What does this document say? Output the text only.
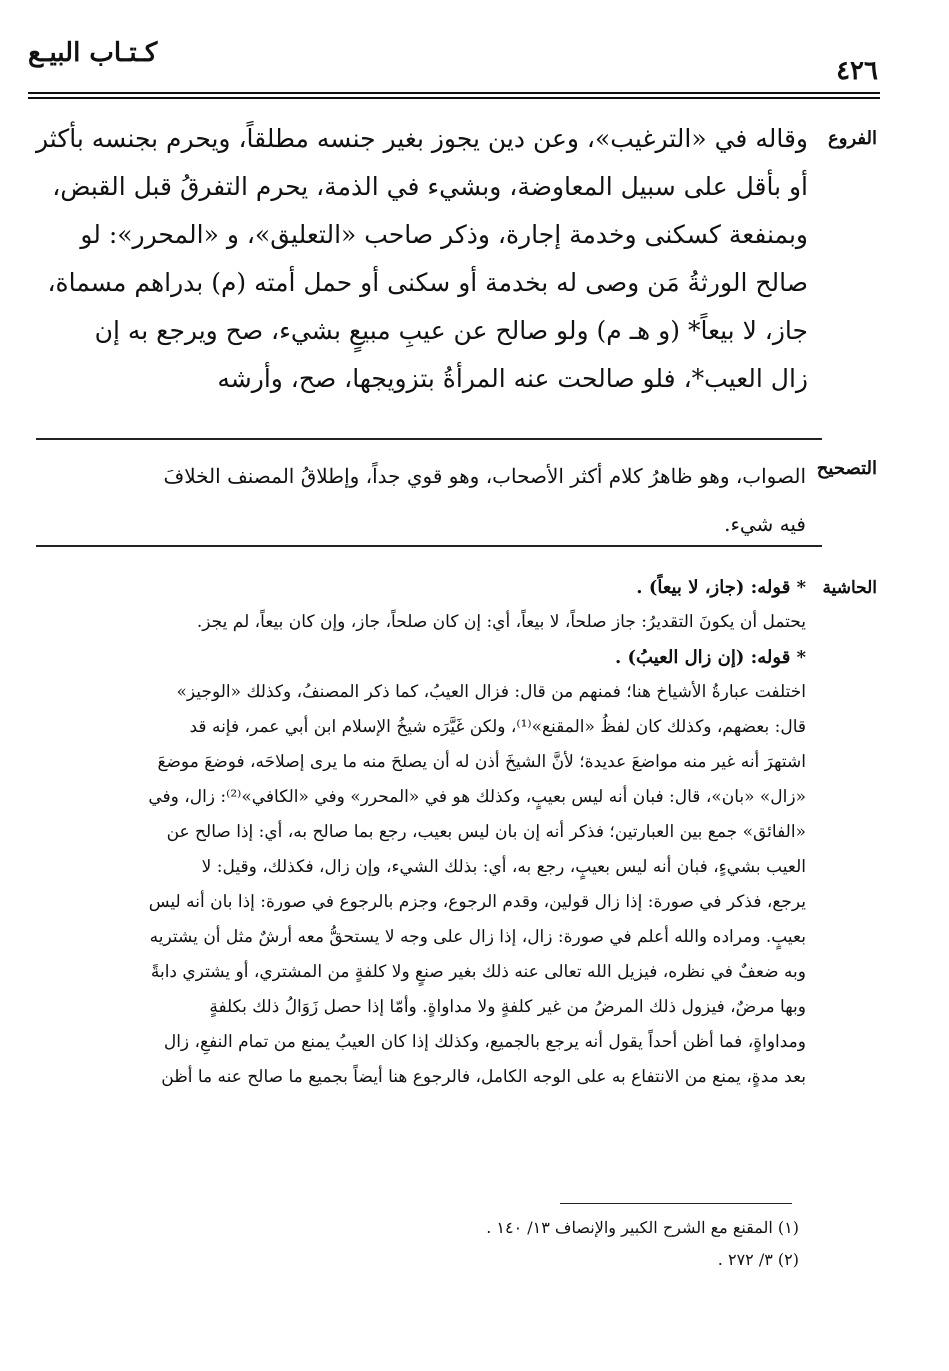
كـتـاب البيـع
٤٢٦
الفروع
وقاله في «الترغيب»، وعن دين يجوز بغير جنسه مطلقاً، ويحرم بجنسه بأكثر
أو بأقل على سبيل المعاوضة، وبشيء في الذمة، يحرم التفرقُ قبل القبض،
وبمنفعة كسكنى وخدمة إجارة، وذكر صاحب «التعليق»، و «المحرر»: لو
صالح الورثةُ مَن وصى له بخدمة أو سكنى أو حمل أمته (م) بدراهم مسماة،
جاز، لا بيعاً* (و هـ م) ولو صالح عن عيبِ مبيعٍ بشيء، صح ويرجع به إن
زال العيب*، فلو صالحت عنه المرأةُ بتزويجها، صح، وأرشه
التصحيح
الصواب، وهو ظاهرُ كلام أكثر الأصحاب، وهو قوي جداً، وإطلاقُ المصنف الخلافَ
فيه شيء.
الحاشية
* قوله: (جاز، لا بيعاً) .
يحتمل أن يكونَ التقديرُ: جاز صلحاً، لا بيعاً، أي: إن كان صلحاً، جاز، وإن كان بيعاً، لم يجز.
* قوله: (إن زال العيبُ) .
اختلفت عبارةُ الأشياخ هنا؛ فمنهم من قال: فزال العيبُ، كما ذكر المصنفُ، وكذلك «الوجيز»
قال: بعضهم، وكذلك كان لفظُ «المقنع»⁽¹⁾، ولكن غَيَّرَه شيخُ الإسلام ابن أبي عمر، فإنه قد
اشتهرَ أنه غير منه مواضعَ عديدة؛ لأنَّ الشيخَ أذن له أن يصلحَ منه ما يرى إصلاحَه، فوضعَ موضعَ
«زال» «بان»، قال: فبان أنه ليس بعيبٍ، وكذلك هو في «المحرر» وفي «الكافي»⁽²⁾: زال، وفي
«الفائق» جمع بين العبارتين؛ فذكر أنه إن بان ليس بعيب، رجع بما صالح به، أي: إذا صالح عن
العيب بشيءٍ، فبان أنه ليس بعيبٍ، رجع به، أي: بذلك الشيء، وإن زال، فكذلك، وقيل: لا
يرجع، فذكر في صورة: إذا زال قولين، وقدم الرجوع، وجزم بالرجوع في صورة: إذا بان أنه ليس
بعيبٍ. ومراده والله أعلم في صورة: زال، إذا زال على وجه لا يستحقُّ معه أرشٌ مثل أن يشتريه
وبه ضعفٌ في نظره، فيزيل الله تعالى عنه ذلك بغير صنعٍ ولا كلفةٍ من المشتري، أو يشتري دابةً
وبها مرضٌ، فيزول ذلك المرضُ من غير كلفةٍ ولا مداواةٍ. وأمّا إذا حصل زَوَالُ ذلك بكلفةٍ
ومداواةٍ، فما أظن أحداً يقول أنه يرجع بالجميع، وكذلك إذا كان العيبُ يمنع من تمام النفعِ، زال
بعد مدةٍ، يمنع من الانتفاع به على الوجه الكامل، فالرجوع هنا أيضاً بجميع ما صالح عنه ما أظن
(١) المقنع مع الشرح الكبير والإنصاف ١٣/ ١٤٠ .
(٢) ٣/ ٢٧٢ .
